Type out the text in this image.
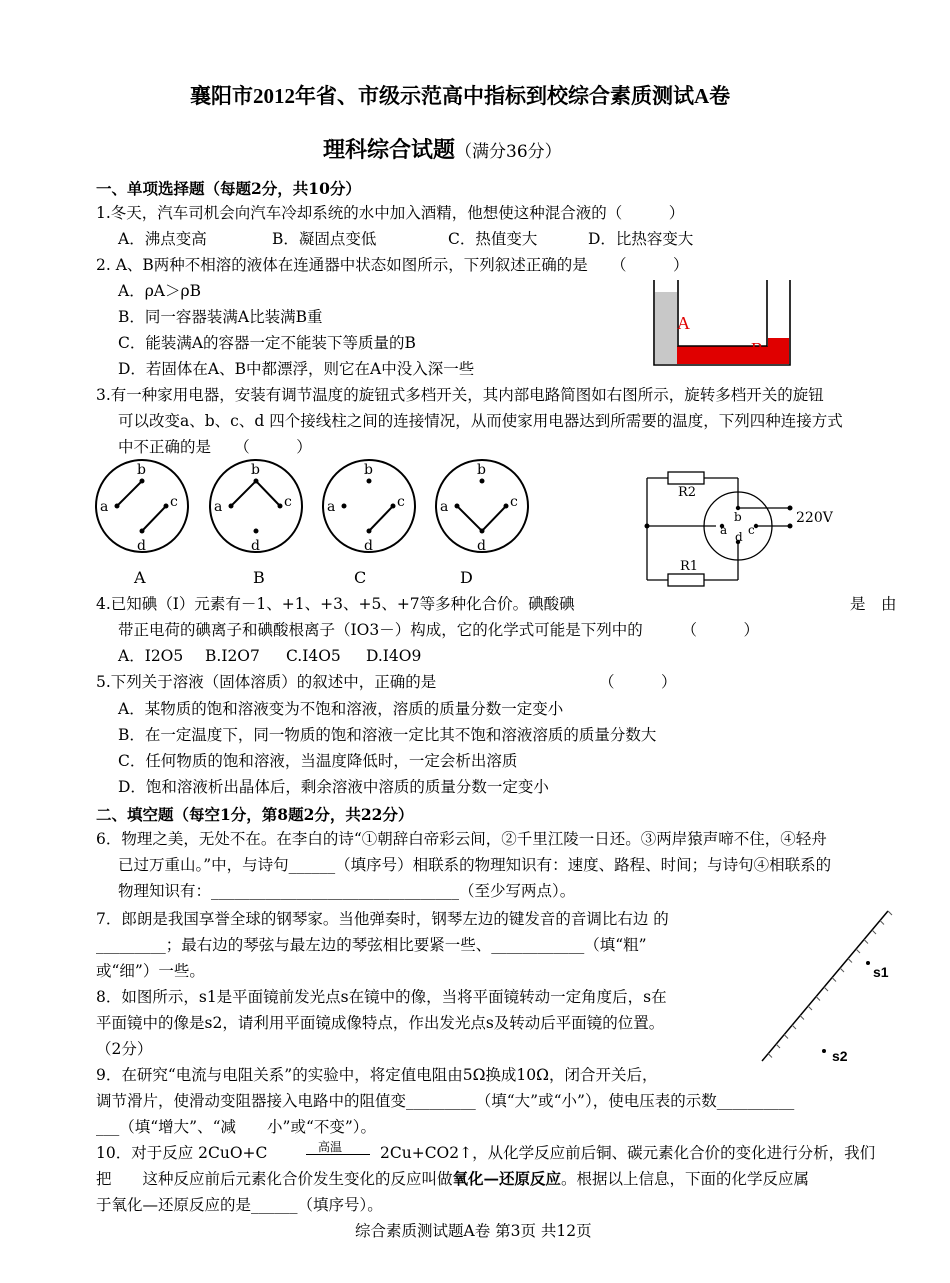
襄阳市2012年省、市级示范高中指标到校综合素质测试A卷
理科综合试题（满分36分）
一、单项选择题（每题2分，共10分）
1.冬天，汽车司机会向汽车冷却系统的水中加入酒精，他想使这种混合液的（　　　）
A．沸点变高	B．凝固点变低	C．热值变大	D．比热容变大
2. A、B两种不相溶的液体在连通器中状态如图所示，下列叙述正确的是　　（　　　）
A．ρA＞ρB
B．同一容器装满A比装满B重
C．能装满A的容器一定不能装下等质量的B
D．若固体在A、B中都漂浮，则它在A中没入深一些
A
B
3.有一种家用电器，安装有调节温度的旋钮式多档开关，其内部电路简图如右图所示，旋转多档开关的旋钮
可以改变a、b、c、d 四个接线柱之间的连接情况，从而使家用电器达到所需要的温度，下列四种连接方式
中不正确的是　　（　　　）
a
b
c
d
a
b
c
d
a
b
c
d
a
b
c
d
A	B	C	D
R2
R1
220V
a
b
c
d
4.已知碘（I）元素有－1、+1、+3、+5、+7等多种化合价。碘酸碘	是　由
带正电荷的碘离子和碘酸根离子（IO3－）构成，它的化学式可能是下列中的　　　（　　　）
A．I2O5 B.I2O7 C.I4O5 D.I4O9
5.下列关于溶液（固体溶质）的叙述中，正确的是　　　　　　　　　　　（　　　）
A．某物质的饱和溶液变为不饱和溶液，溶质的质量分数一定变小
B．在一定温度下，同一物质的饱和溶液一定比其不饱和溶液溶质的质量分数大
C．任何物质的饱和溶液，当温度降低时，一定会析出溶质
D．饱和溶液析出晶体后，剩余溶液中溶质的质量分数一定变小
二、填空题（每空1分，第8题2分，共22分）
6．物理之美，无处不在。在李白的诗“①朝辞白帝彩云间，②千里江陵一日还。③两岸猿声啼不住，④轻舟
已过万重山。”中，与诗句______（填序号）相联系的物理知识有：速度、路程、时间；与诗句④相联系的
物理知识有：________________________________（至少写两点）。
7．郎朗是我国享誉全球的钢琴家。当他弹奏时，钢琴左边的键发音的音调比右边 的
_________；最右边的琴弦与最左边的琴弦相比要紧一些、____________（填“粗”
或“细”）一些。
8．如图所示，s1是平面镜前发光点s在镜中的像，当将平面镜转动一定角度后，s在
平面镜中的像是s2，请利用平面镜成像特点，作出发光点s及转动后平面镜的位置。
（2分）
s1
s2
9．在研究“电流与电阻关系”的实验中，将定值电阻由5Ω换成10Ω，闭合开关后，
调节滑片，使滑动变阻器接入电路中的阻值变_________（填“大”或“小”），使电压表的示数__________
___（填“增大”、“减　　小”或“不变”）。
10．对于反应 2CuO+C	高温 2Cu+CO2↑，从化学反应前后铜、碳元素化合价的变化进行分析，我们
把　　这种反应前后元素化合价发生变化的反应叫做氧化—还原反应。根据以上信息，下面的化学反应属
于氧化—还原反应的是______（填序号）。
综合素质测试题A卷 第3页 共12页
